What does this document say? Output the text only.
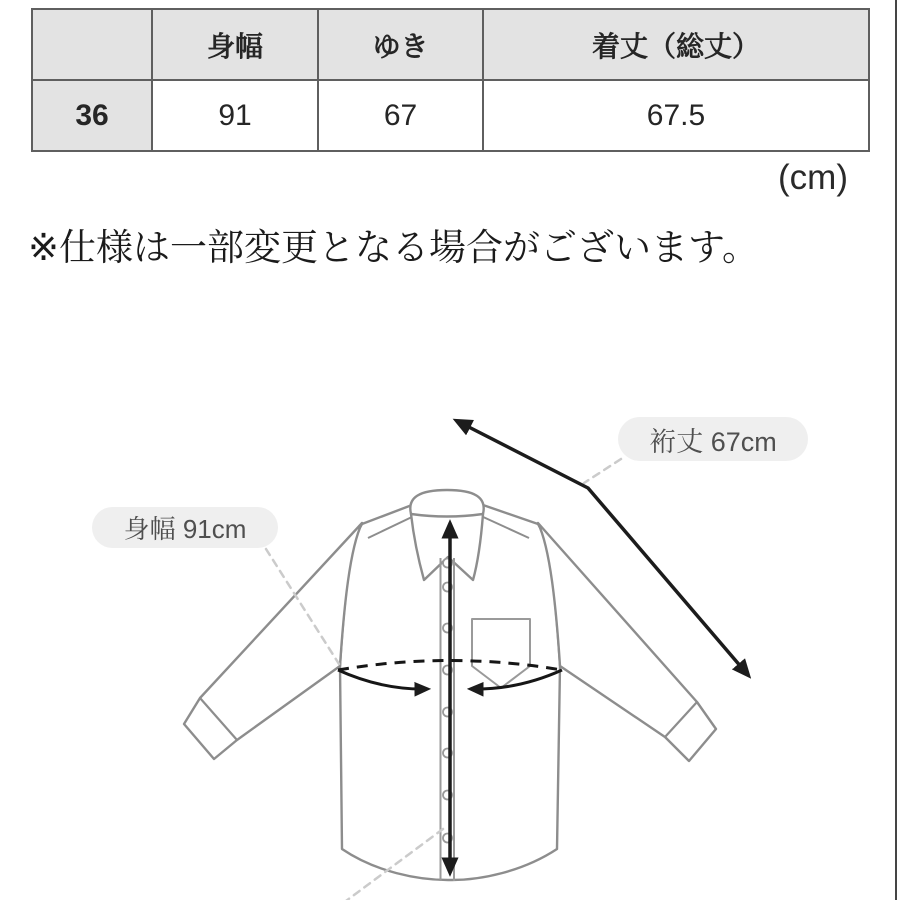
	身幅	ゆき	着丈（総丈）
36	91	67	67.5
(cm)
※仕様は一部変更となる場合がございます。
身幅 91cm
裄丈 67cm
